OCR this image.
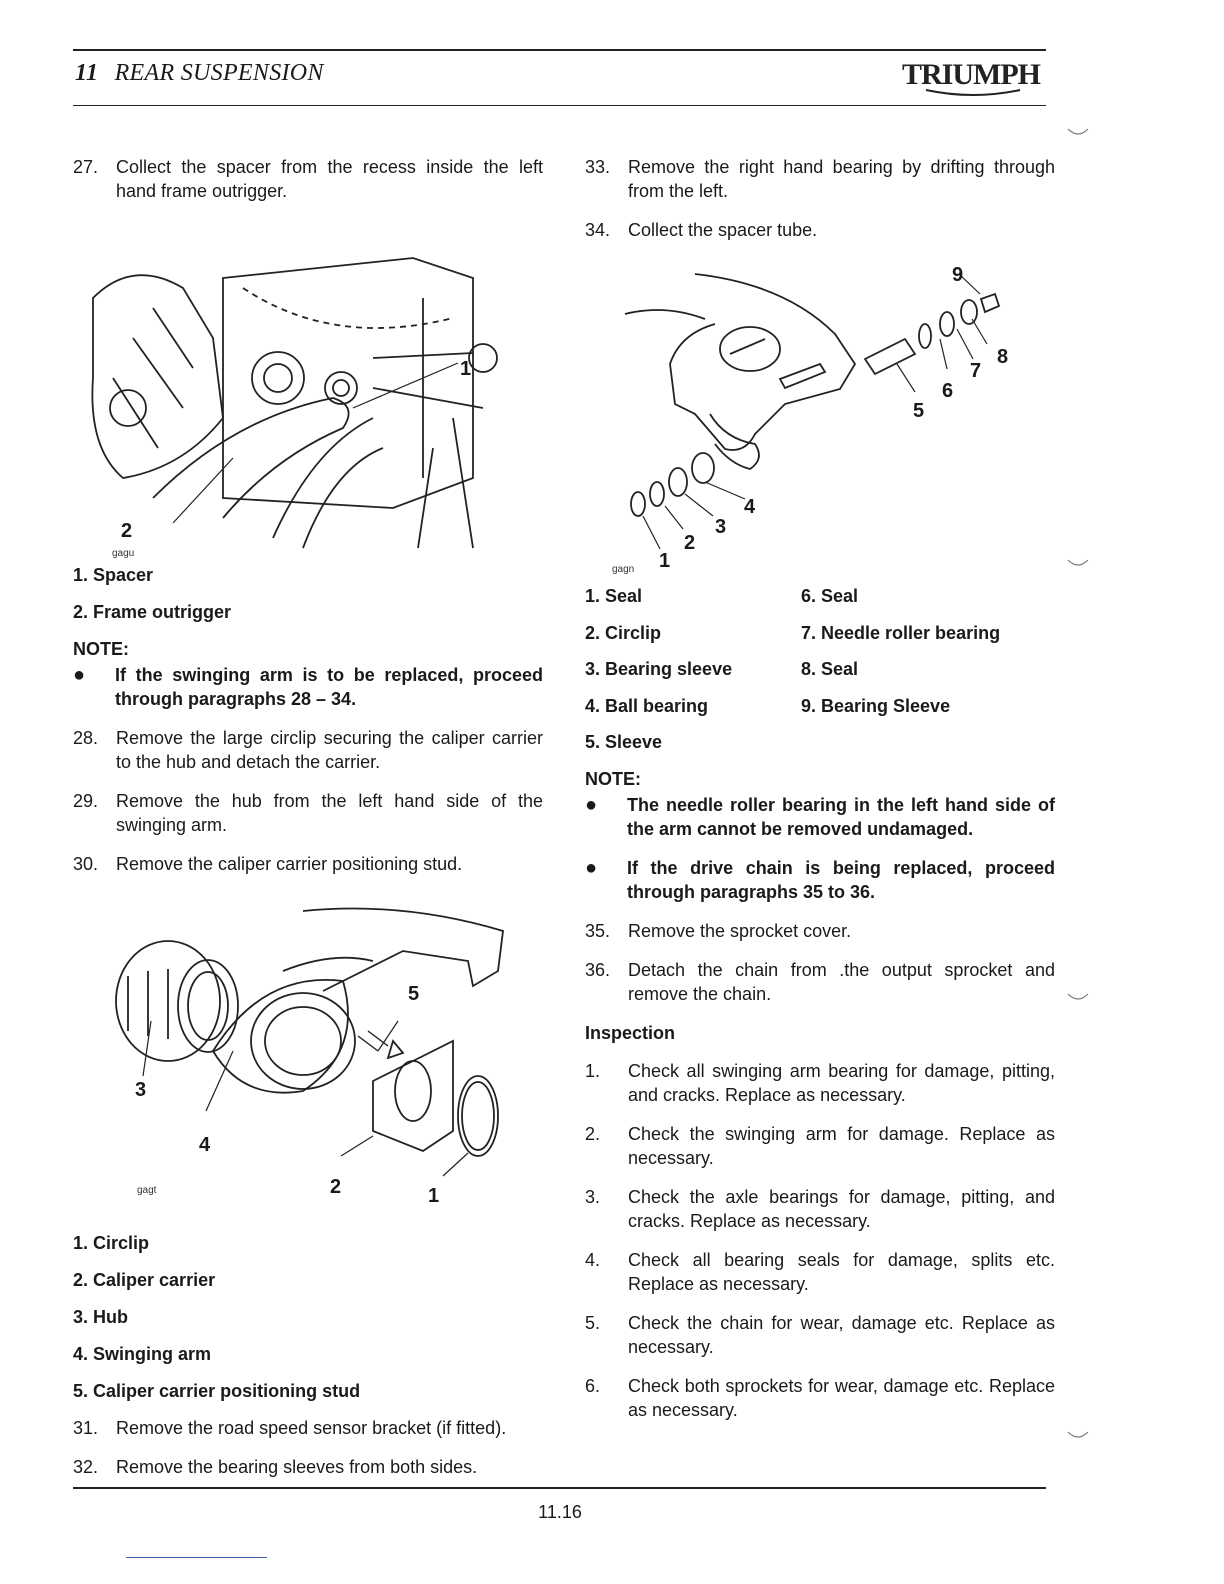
11 REAR SUSPENSION	TRIUMPH
27. Collect the spacer from the recess inside the left hand frame outrigger.
1
2
gagu
1. Spacer
2. Frame outrigger
NOTE:
● If the swinging arm is to be replaced, proceed through paragraphs 28 – 34.
28. Remove the large circlip securing the caliper carrier to the hub and detach the carrier.
29. Remove the hub from the left hand side of the swinging arm.
30. Remove the caliper carrier positioning stud.
5
3
4
2	1
gagt
1. Circlip
2. Caliper carrier
3. Hub
4. Swinging arm
5. Caliper carrier positioning stud
31. Remove the road speed sensor bracket (if fitted).
32. Remove the bearing sleeves from both sides.
33. Remove the right hand bearing by drifting through from the left.
34. Collect the spacer tube.
9
8
7
6
5
4
3
2
1
gagn
1. Seal	6. Seal
2. Circlip	7. Needle roller bearing
3. Bearing sleeve	8. Seal
4. Ball bearing	9. Bearing Sleeve
5. Sleeve
NOTE:
● The needle roller bearing in the left hand side of the arm cannot be removed undamaged.
● If the drive chain is being replaced, proceed through paragraphs 35 to 36.
35. Remove the sprocket cover.
36. Detach the chain from .the output sprocket and remove the chain.
Inspection
1. Check all swinging arm bearing for damage, pitting, and cracks. Replace as necessary.
2. Check the swinging arm for damage. Replace as necessary.
3. Check the axle bearings for damage, pitting, and cracks. Replace as necessary.
4. Check all bearing seals for damage, splits etc. Replace as necessary.
5. Check the chain for wear, damage etc. Replace as necessary.
6. Check both sprockets for wear, damage etc. Replace as necessary.
11.16
